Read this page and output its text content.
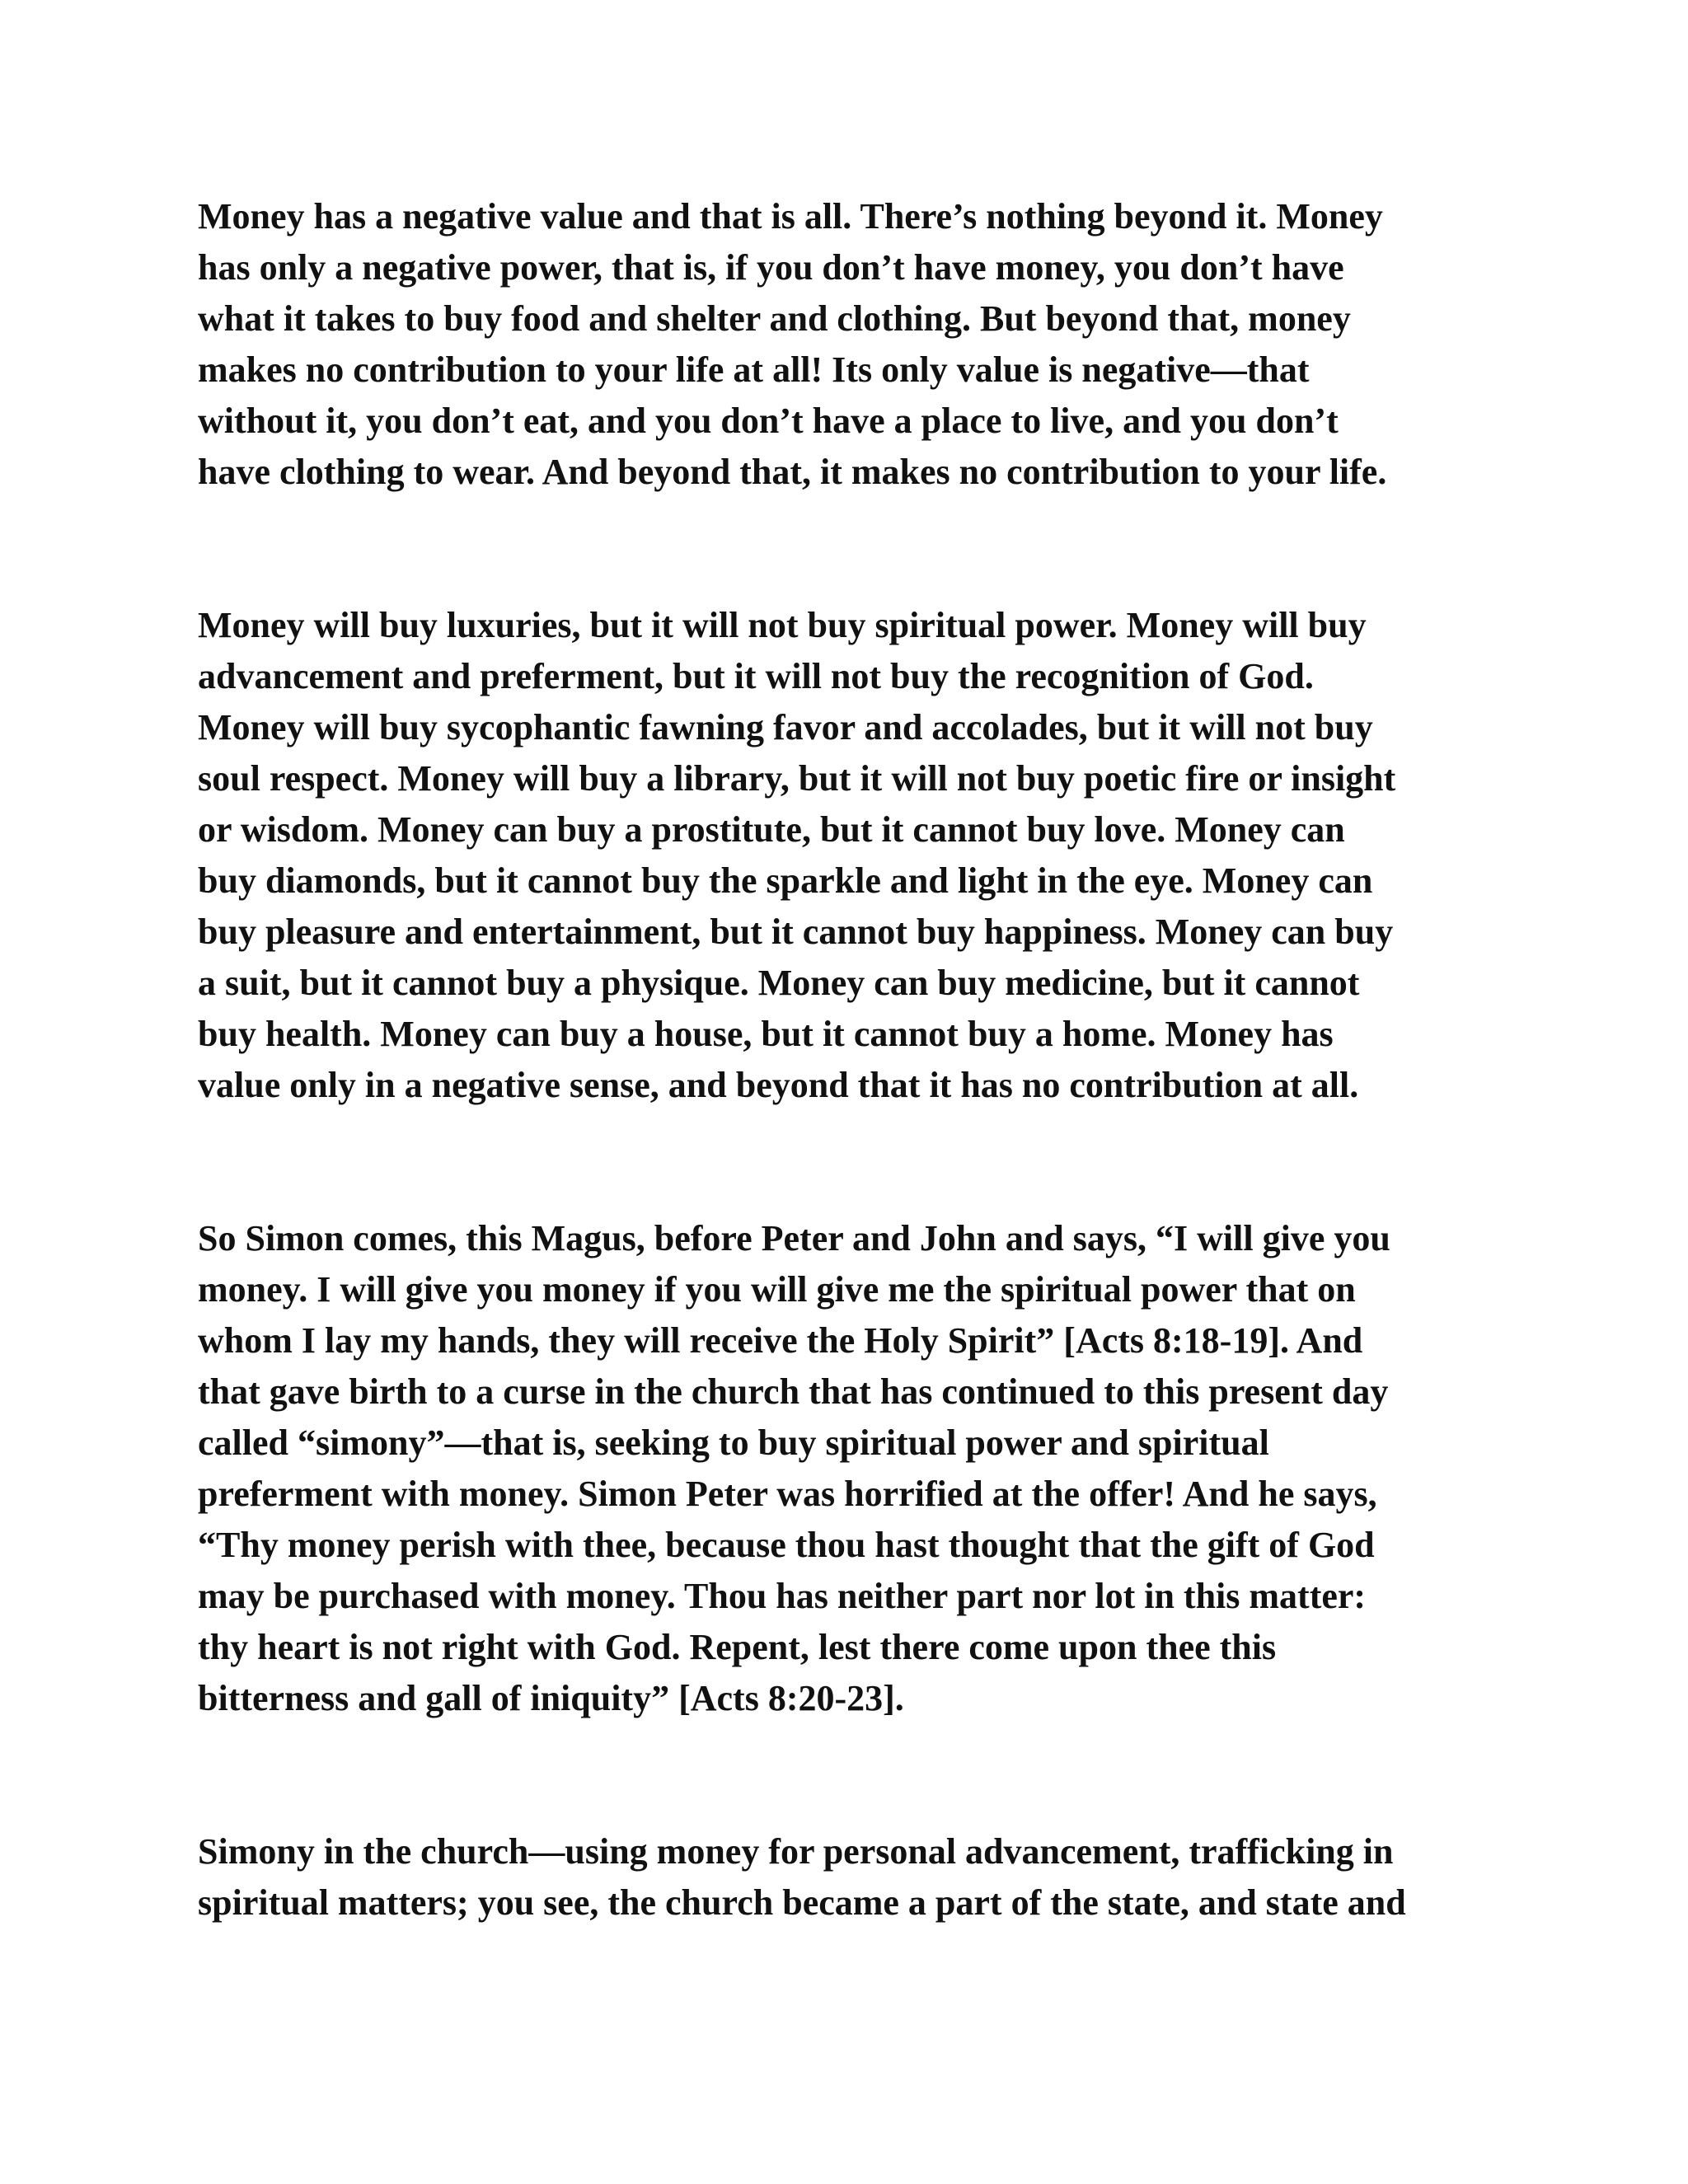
Money has a negative value and that is all. There’s nothing beyond it. Money
has only a negative power, that is, if you don’t have money, you don’t have
what it takes to buy food and shelter and clothing. But beyond that, money
makes no contribution to your life at all! Its only value is negative—that
without it, you don’t eat, and you don’t have a place to live, and you don’t
have clothing to wear. And beyond that, it makes no contribution to your life.

Money will buy luxuries, but it will not buy spiritual power. Money will buy
advancement and preferment, but it will not buy the recognition of God.
Money will buy sycophantic fawning favor and accolades, but it will not buy
soul respect. Money will buy a library, but it will not buy poetic fire or insight
or wisdom. Money can buy a prostitute, but it cannot buy love. Money can
buy diamonds, but it cannot buy the sparkle and light in the eye. Money can
buy pleasure and entertainment, but it cannot buy happiness. Money can buy
a suit, but it cannot buy a physique. Money can buy medicine, but it cannot
buy health. Money can buy a house, but it cannot buy a home. Money has
value only in a negative sense, and beyond that it has no contribution at all.

So Simon comes, this Magus, before Peter and John and says, “I will give you
money. I will give you money if you will give me the spiritual power that on
whom I lay my hands, they will receive the Holy Spirit” [Acts 8:18-19]. And
that gave birth to a curse in the church that has continued to this present day
called “simony”—that is, seeking to buy spiritual power and spiritual
preferment with money. Simon Peter was horrified at the offer! And he says,
“Thy money perish with thee, because thou hast thought that the gift of God
may be purchased with money. Thou has neither part nor lot in this matter:
thy heart is not right with God. Repent, lest there come upon thee this
bitterness and gall of iniquity” [Acts 8:20-23].

Simony in the church—using money for personal advancement, trafficking in
spiritual matters; you see, the church became a part of the state, and state and
